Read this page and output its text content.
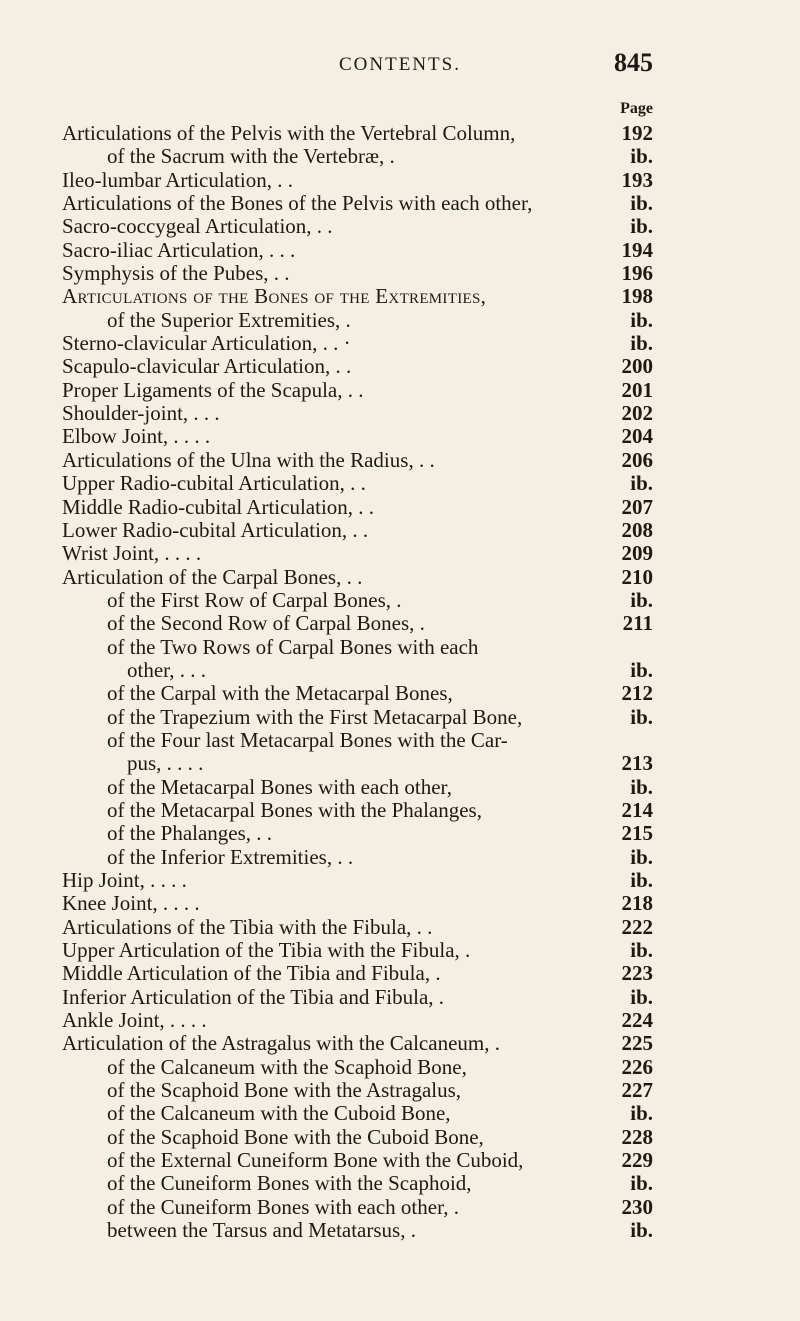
CONTENTS.	845
Page
Articulations of the Pelvis with the Vertebral Column,	192
of the Sacrum with the Vertebræ, .	ib.
Ileo-lumbar Articulation, . .	193
Articulations of the Bones of the Pelvis with each other,	ib.
Sacro-coccygeal Articulation, . .	ib.
Sacro-iliac Articulation, . . .	194
Symphysis of the Pubes, . .	196
Articulations of the Bones of the Extremities,	198
of the Superior Extremities, .	ib.
Sterno-clavicular Articulation, . . ·	ib.
Scapulo-clavicular Articulation, . .	200
Proper Ligaments of the Scapula, . .	201
Shoulder-joint, . . .	202
Elbow Joint, . . . .	204
Articulations of the Ulna with the Radius, . .	206
Upper Radio-cubital Articulation, . .	ib.
Middle Radio-cubital Articulation, . .	207
Lower Radio-cubital Articulation, . .	208
Wrist Joint, . . . .	209
Articulation of the Carpal Bones, . .	210
of the First Row of Carpal Bones, .	ib.
of the Second Row of Carpal Bones, .	211
of the Two Rows of Carpal Bones with each
other, . . .	ib.
of the Carpal with the Metacarpal Bones,	212
of the Trapezium with the First Metacarpal Bone,	ib.
of the Four last Metacarpal Bones with the Car-
pus, . . . .	213
of the Metacarpal Bones with each other,	ib.
of the Metacarpal Bones with the Phalanges,	214
of the Phalanges, . .	215
of the Inferior Extremities, . .	ib.
Hip Joint, . . . .	ib.
Knee Joint, . . . .	218
Articulations of the Tibia with the Fibula, . .	222
Upper Articulation of the Tibia with the Fibula, .	ib.
Middle Articulation of the Tibia and Fibula, .	223
Inferior Articulation of the Tibia and Fibula, .	ib.
Ankle Joint, . . . .	224
Articulation of the Astragalus with the Calcaneum, .	225
of the Calcaneum with the Scaphoid Bone,	226
of the Scaphoid Bone with the Astragalus,	227
of the Calcaneum with the Cuboid Bone,	ib.
of the Scaphoid Bone with the Cuboid Bone,	228
of the External Cuneiform Bone with the Cuboid,	229
of the Cuneiform Bones with the Scaphoid,	ib.
of the Cuneiform Bones with each other, .	230
between the Tarsus and Metatarsus, .	ib.
